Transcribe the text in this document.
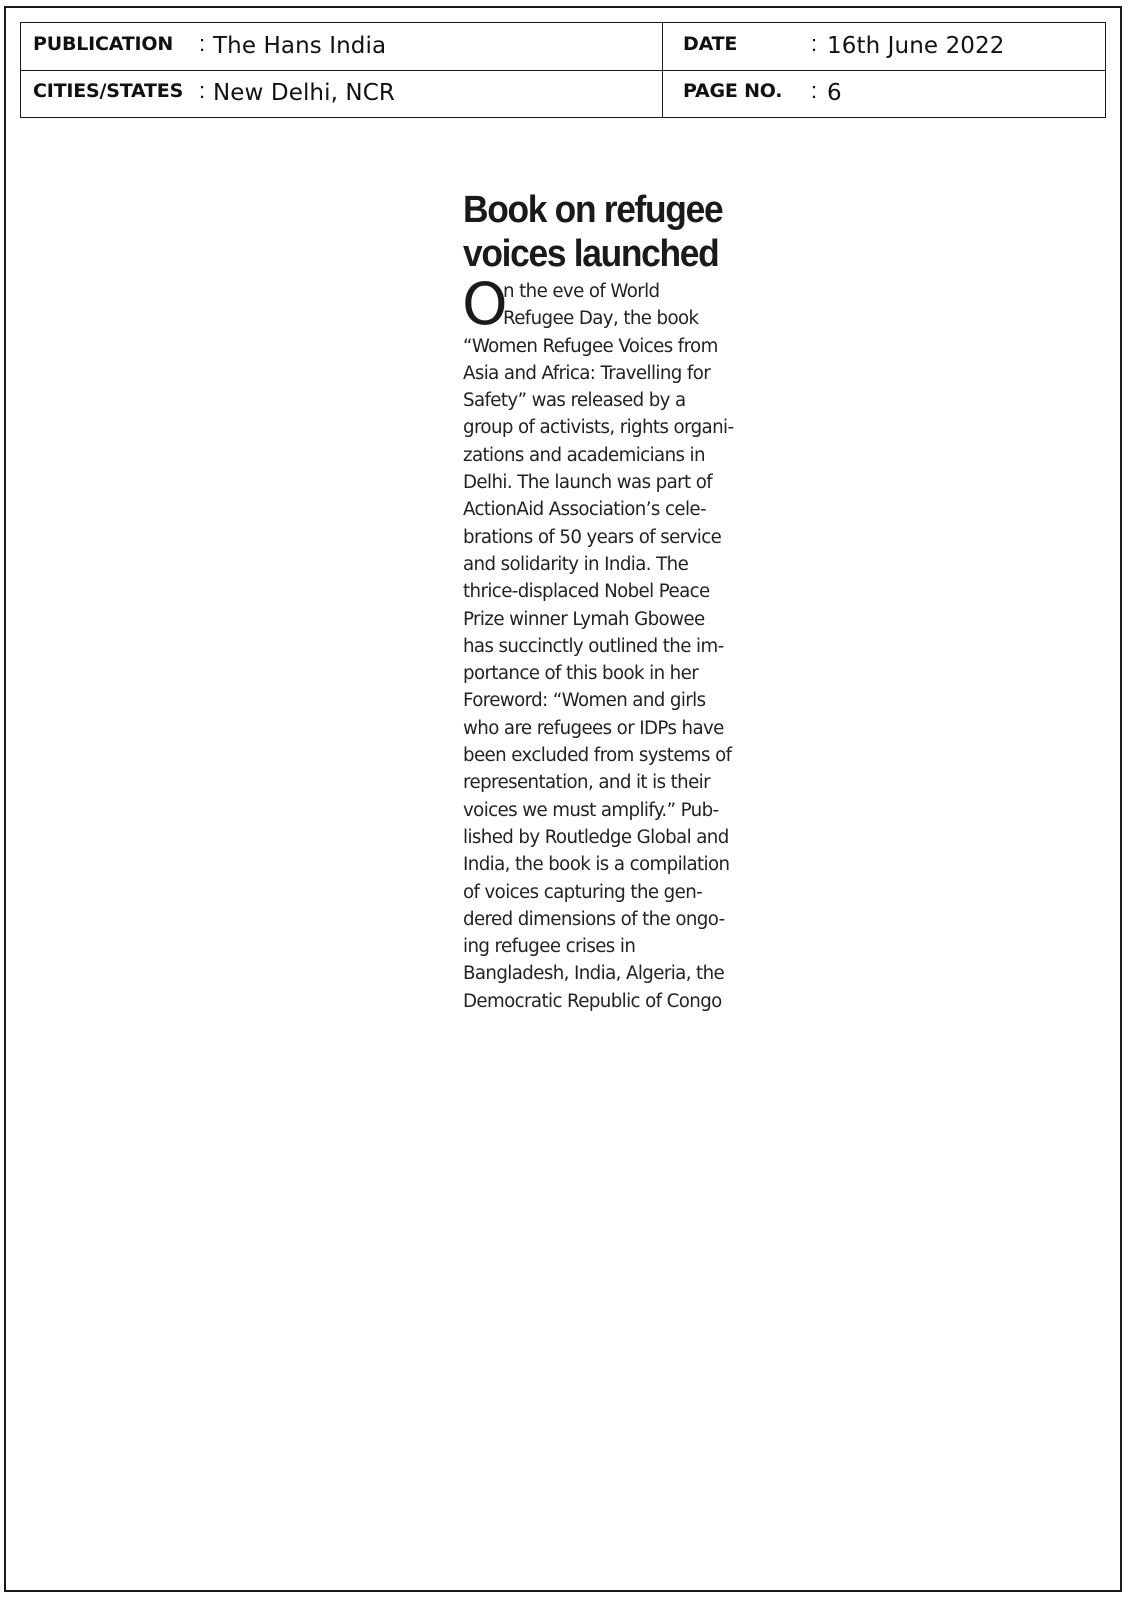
PUBLICATION : The Hans India	DATE	: 16th June 2022
CITIES/STATES : New Delhi, NCR	PAGE NO. : 6
Book on refugee
voices launched
O
n the eve of World
Refugee Day, the book
“Women Refugee Voices from
Asia and Africa: Travelling for
Safety” was released by a
group of activists, rights organi-
zations and academicians in
Delhi. The launch was part of
ActionAid Association’s cele-
brations of 50 years of service
and solidarity in India. The
thrice-displaced Nobel Peace
Prize winner Lymah Gbowee
has succinctly outlined the im-
portance of this book in her
Foreword: “Women and girls
who are refugees or IDPs have
been excluded from systems of
representation, and it is their
voices we must amplify.” Pub-
lished by Routledge Global and
India, the book is a compilation
of voices capturing the gen-
dered dimensions of the ongo-
ing refugee crises in
Bangladesh, India, Algeria, the
Democratic Republic of Congo
